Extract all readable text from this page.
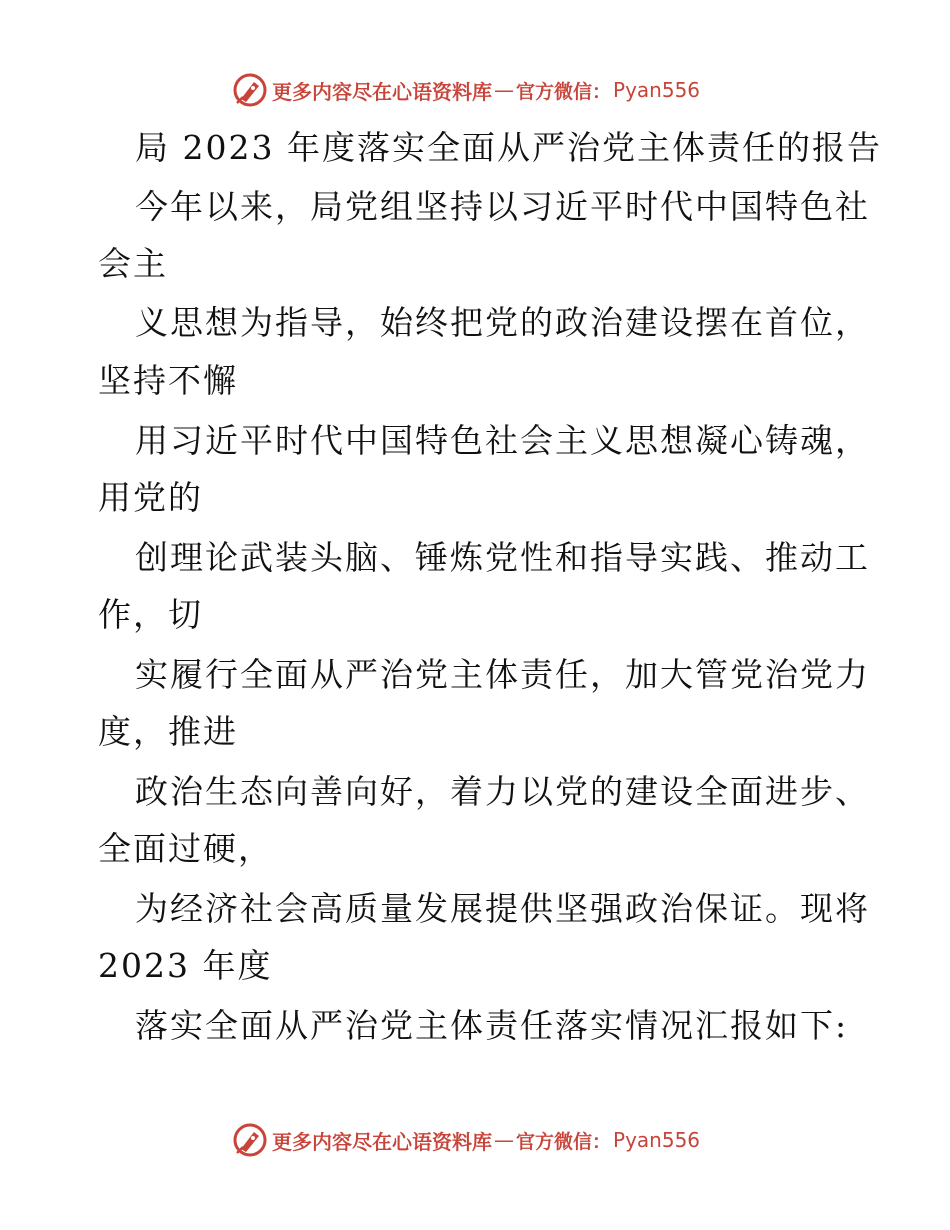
更多内容尽在心语资料库 — 官方微信： Pyan556
局 2023 年度落实全面从严治党主体责任的报告
今年以来，局党组坚持以习近平时代中国特色社
会主
义思想为指导，始终把党的政治建设摆在首位，
坚持不懈
用习近平时代中国特色社会主义思想凝心铸魂，
用党的
创理论武装头脑、锤炼党性和指导实践、推动工
作，切
实履行全面从严治党主体责任，加大管党治党力
度，推进
政治生态向善向好，着力以党的建设全面进步、
全面过硬，
为经济社会高质量发展提供坚强政治保证。现将
2023 年度
落实全面从严治党主体责任落实情况汇报如下:
更多内容尽在心语资料库 — 官方微信： Pyan556
